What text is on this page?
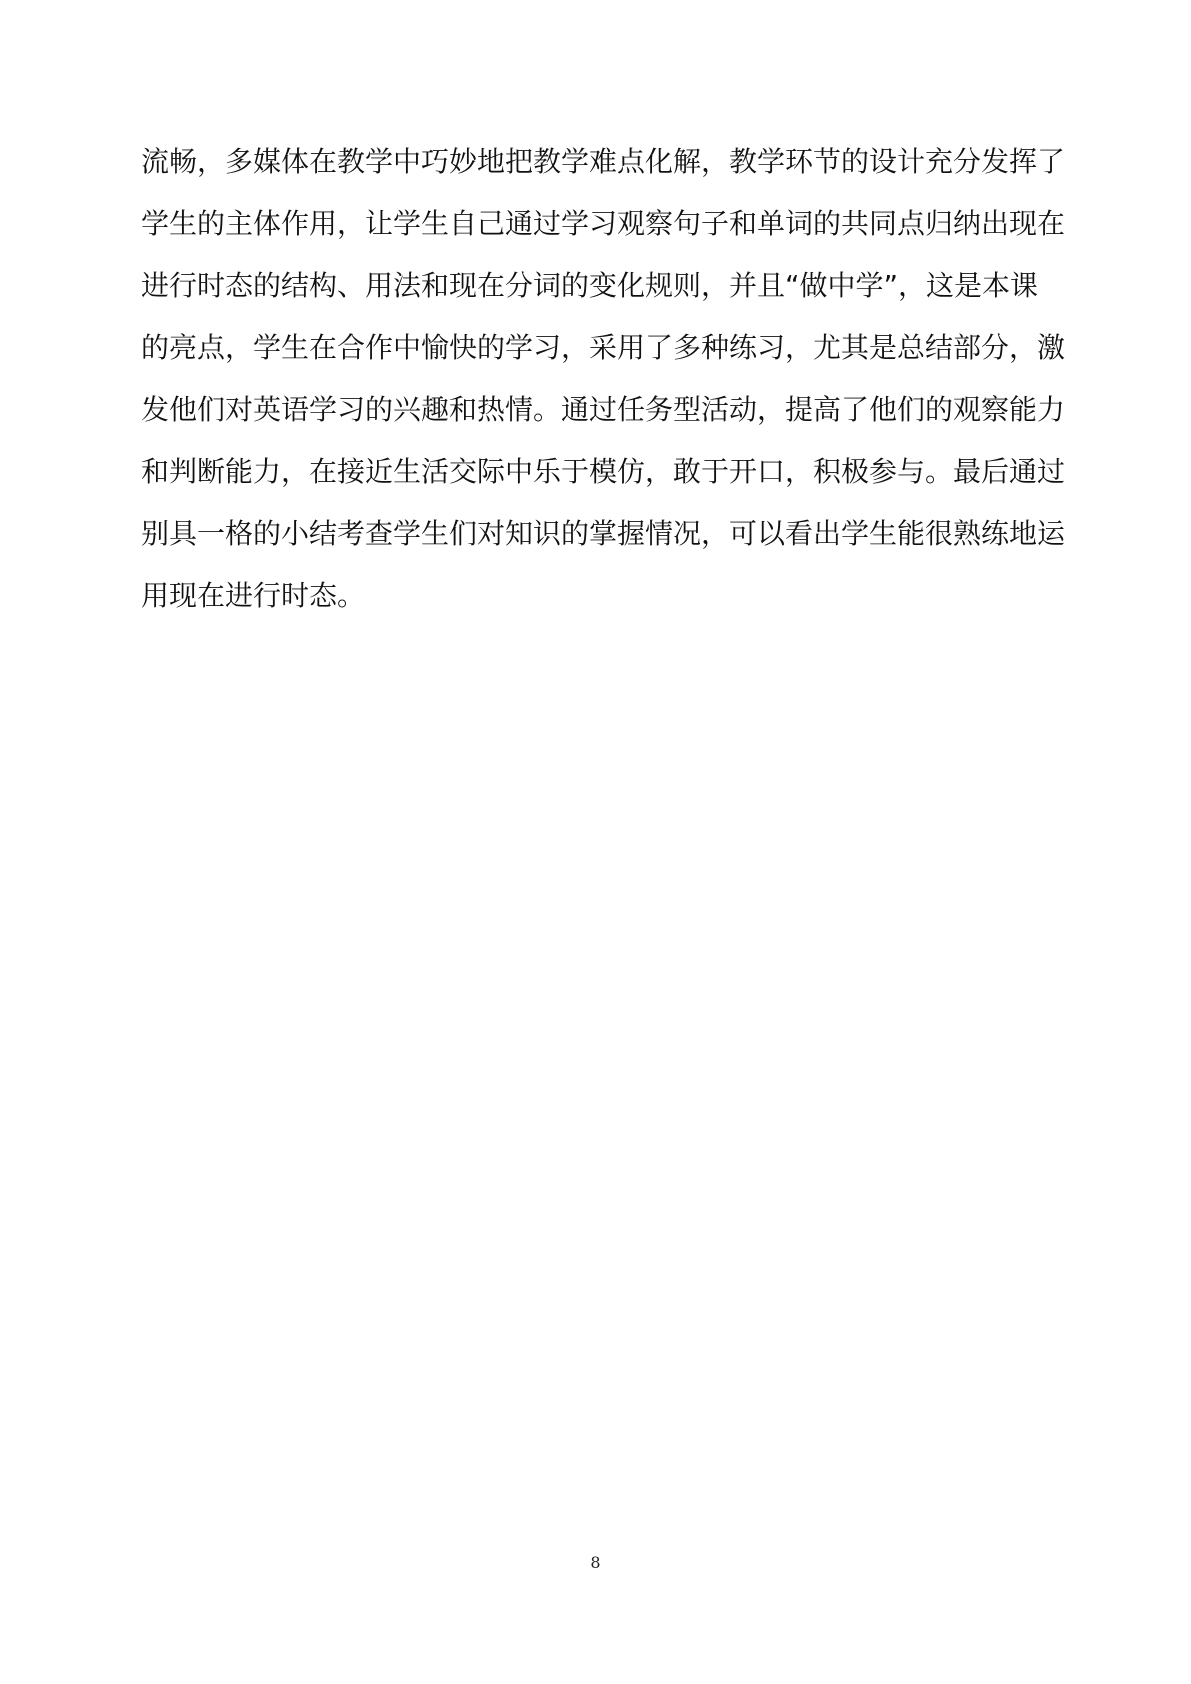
流畅，多媒体在教学中巧妙地把教学难点化解，教学环节的设计充分发挥了
学生的主体作用，让学生自己通过学习观察句子和单词的共同点归纳出现在
进行时态的结构、用法和现在分词的变化规则，并且“做中学”，这是本课
的亮点，学生在合作中愉快的学习，采用了多种练习，尤其是总结部分，激
发他们对英语学习的兴趣和热情。通过任务型活动，提高了他们的观察能力
和判断能力，在接近生活交际中乐于模仿，敢于开口，积极参与。最后通过
别具一格的小结考查学生们对知识的掌握情况，可以看出学生能很熟练地运
用现在进行时态。
8
